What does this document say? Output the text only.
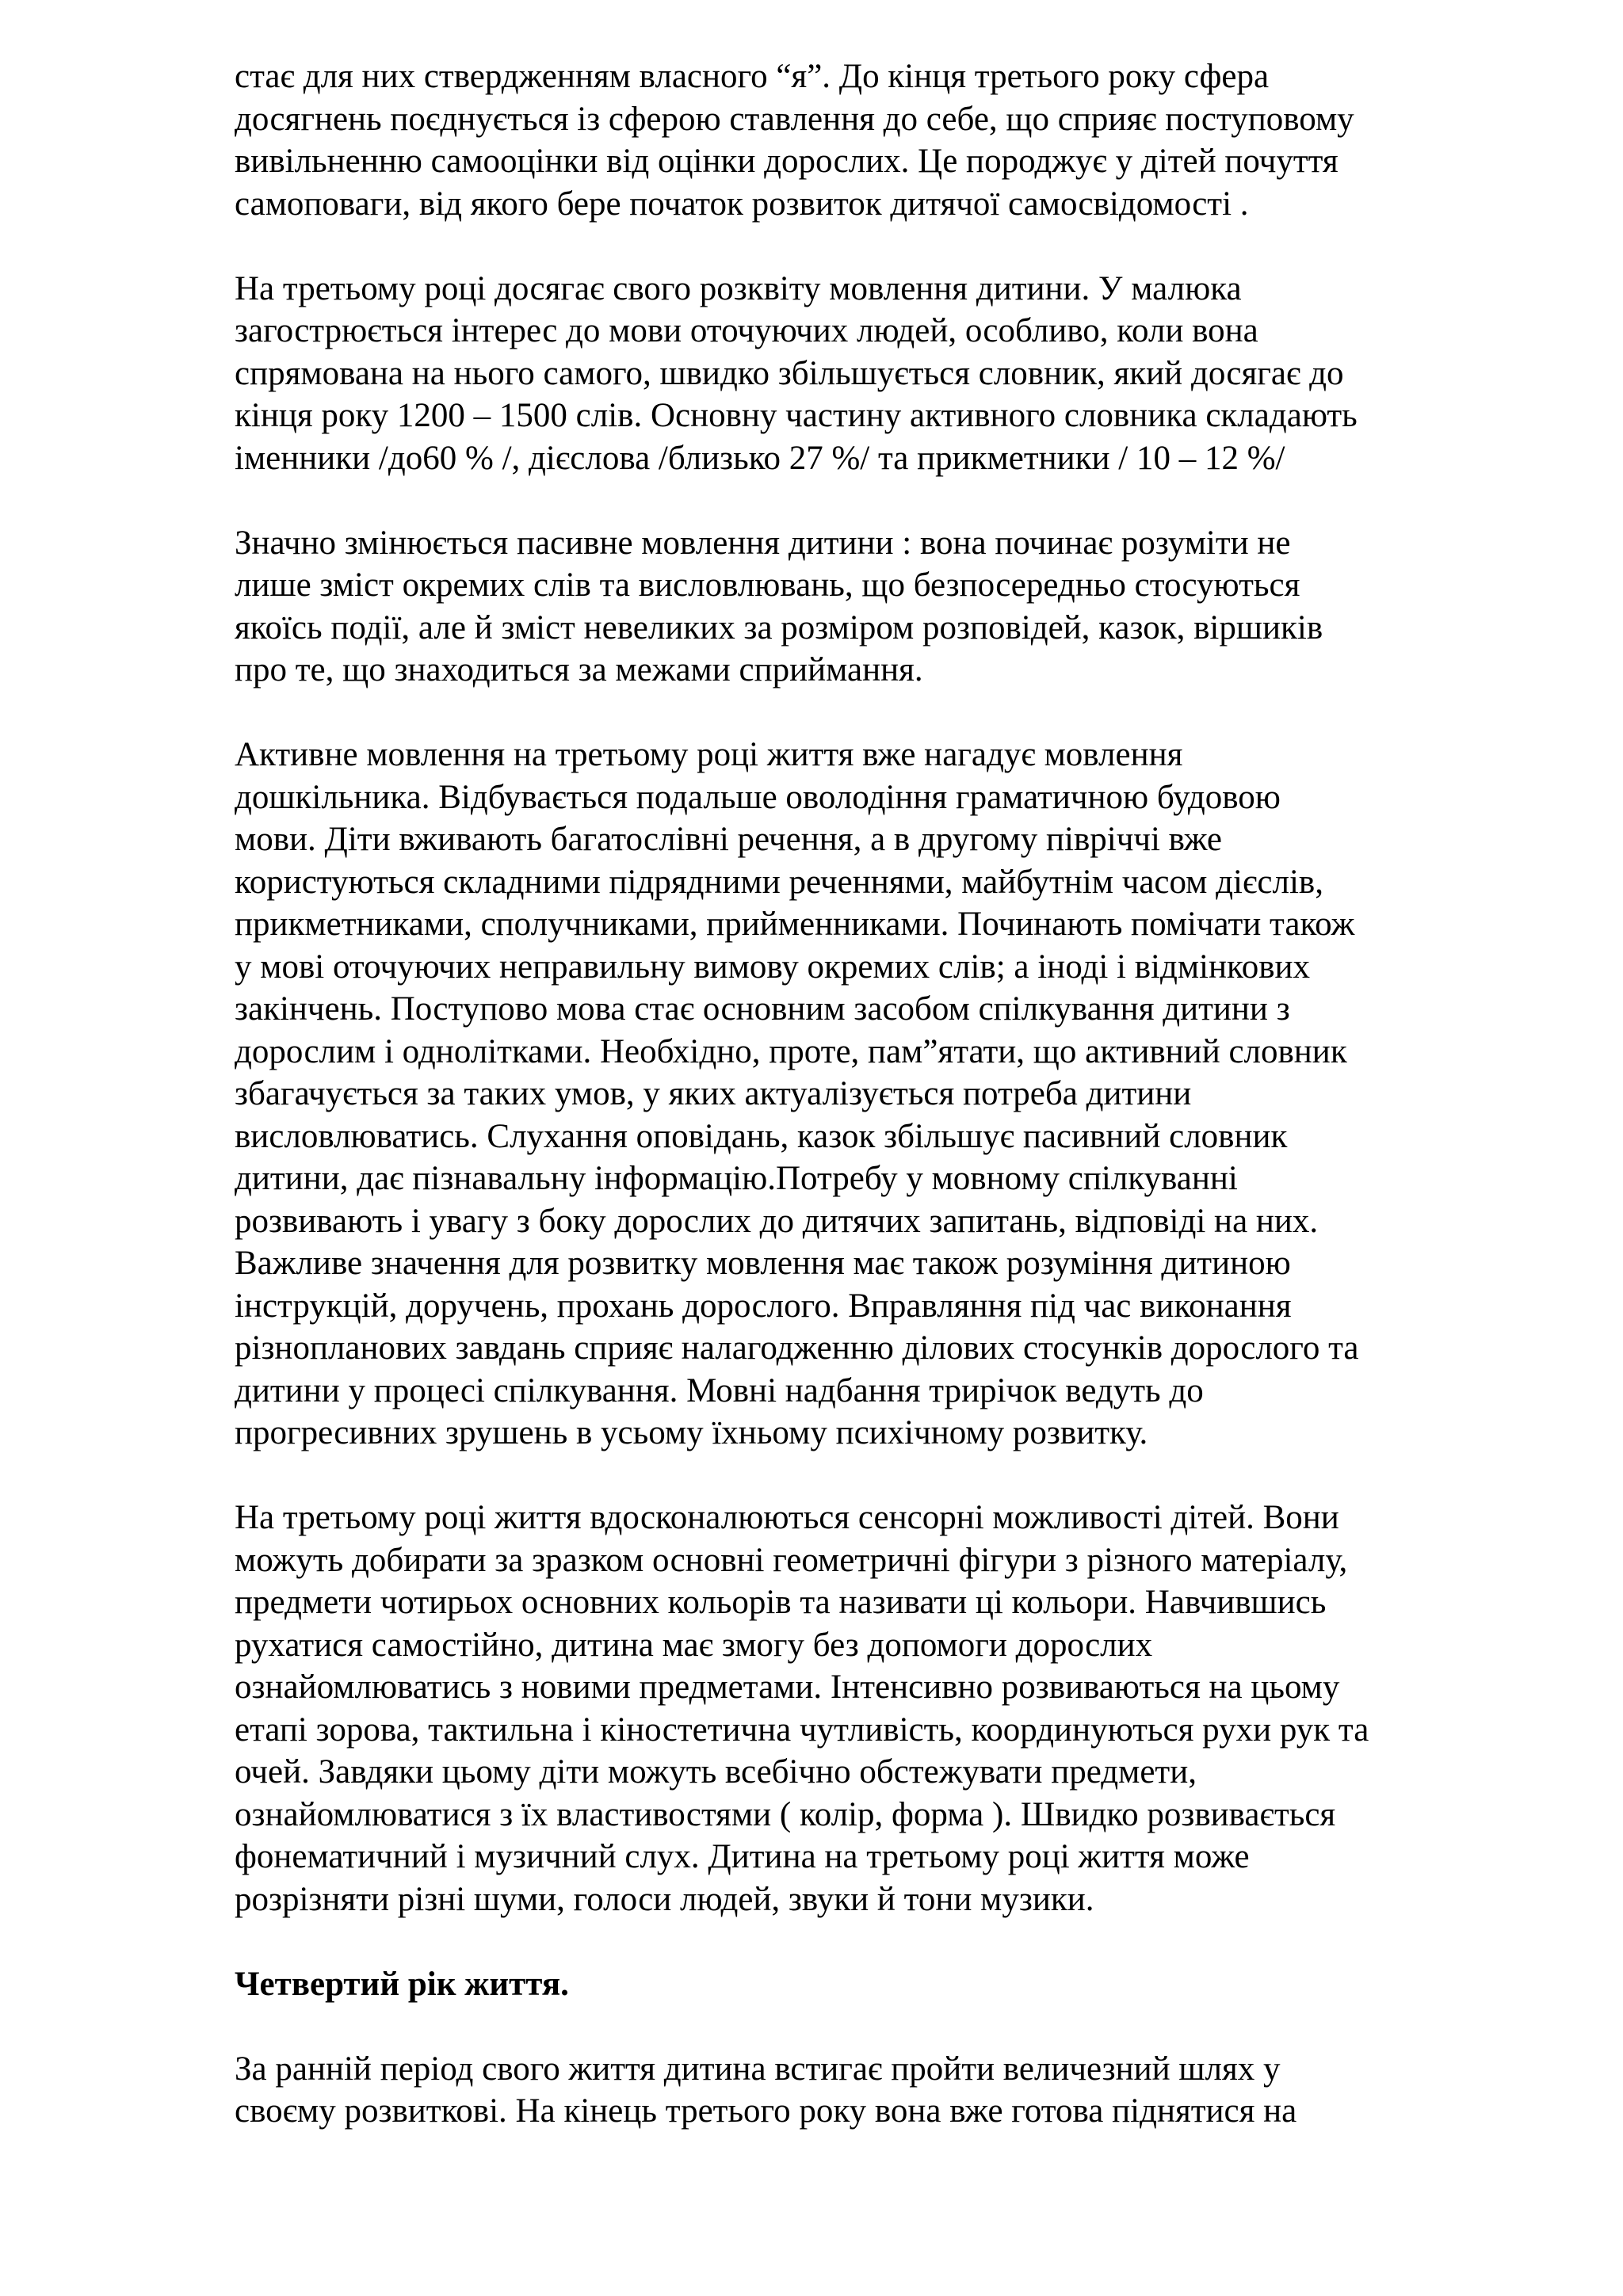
стає для них ствердженням власного “я”. До кінця третього року сфера
досягнень поєднується із сферою ставлення до себе, що сприяє поступовому
вивільненню самооцінки від оцінки дорослих. Це породжує у дітей почуття
самоповаги, від якого бере початок розвиток дитячої самосвідомості .
На третьому році досягає свого розквіту мовлення дитини. У малюка
загострюється інтерес до мови оточуючих людей, особливо, коли вона
спрямована на нього самого, швидко збільшується словник, який досягає до
кінця року 1200 – 1500 слів. Основну частину активного словника складають
іменники /до60 % /, дієслова /близько 27 %/ та прикметники / 10 – 12 %/
Значно змінюється пасивне мовлення дитини : вона починає розуміти не
лише зміст окремих слів та висловлювань, що безпосередньо стосуються
якоїсь події, але й зміст невеликих за розміром розповідей, казок, віршиків
про те, що знаходиться за межами сприймання.
Активне мовлення на третьому році життя вже нагадує мовлення
дошкільника. Відбувається подальше оволодіння граматичною будовою
мови. Діти вживають багатослівні речення, а в другому півріччі вже
користуються складними підрядними реченнями, майбутнім часом дієслів,
прикметниками, сполучниками, прийменниками. Починають помічати також
у мові оточуючих неправильну вимову окремих слів; а іноді і відмінкових
закінчень. Поступово мова стає основним засобом спілкування дитини з
дорослим і однолітками. Необхідно, проте, пам”ятати, що активний словник
збагачується за таких умов, у яких актуалізується потреба дитини
висловлюватись. Слухання оповідань, казок збільшує пасивний словник
дитини, дає пізнавальну інформацію.Потребу у мовному спілкуванні
розвивають і увагу з боку дорослих до дитячих запитань, відповіді на них.
Важливе значення для розвитку мовлення має також розуміння дитиною
інструкцій, доручень, прохань дорослого. Вправляння під час виконання
різнопланових завдань сприяє налагодженню ділових стосунків дорослого та
дитини у процесі спілкування. Мовні надбання трирічок ведуть до
прогресивних зрушень в усьому їхньому психічному розвитку.
На третьому році життя вдосконалюються сенсорні можливості дітей. Вони
можуть добирати за зразком основні геометричні фігури з різного матеріалу,
предмети чотирьох основних кольорів та називати ці кольори. Навчившись
рухатися самостійно, дитина має змогу без допомоги дорослих
ознайомлюватись з новими предметами. Інтенсивно розвиваються на цьому
етапі зорова, тактильна і кіностетична чутливість, координуються рухи рук та
очей. Завдяки цьому діти можуть всебічно обстежувати предмети,
ознайомлюватися з їх властивостями ( колір, форма ). Швидко розвивається
фонематичний і музичний слух. Дитина на третьому році життя може
розрізняти різні шуми, голоси людей, звуки й тони музики.
Четвертий рік життя.
За ранній період свого життя дитина встигає пройти величезний шлях у
своєму розвиткові. На кінець третього року вона вже готова піднятися на
